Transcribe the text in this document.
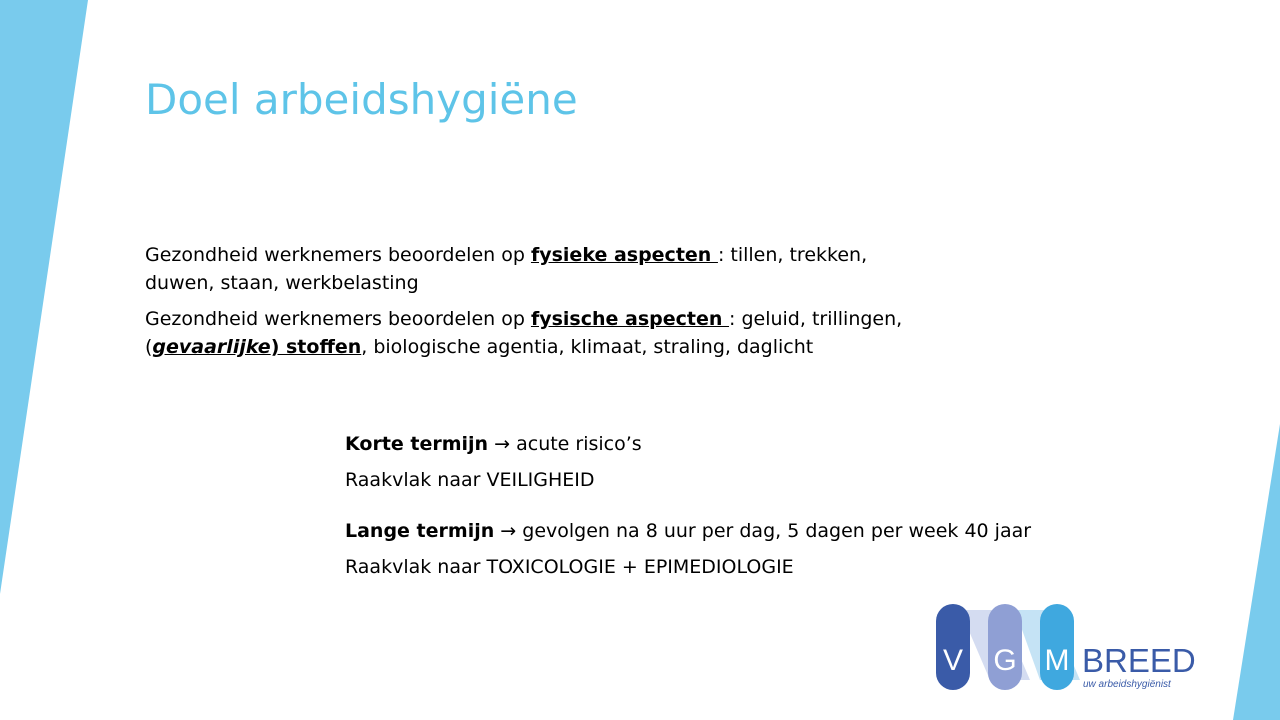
Doel arbeidshygiëne

Gezondheid werknemers beoordelen op fysieke aspecten : tillen, trekken,
duwen, staan, werkbelasting

Gezondheid werknemers beoordelen op fysische aspecten : geluid, trillingen,
(gevaarlijke) stoffen, biologische agentia, klimaat, straling, daglicht

Korte termijn → acute risico’s

Raakvlak naar VEILIGHEID

Lange termijn → gevolgen na 8 uur per dag, 5 dagen per week 40 jaar

Raakvlak naar TOXICOLOGIE + EPIMEDIOLOGIE

V G M BREED
uw arbeidshygiënist
